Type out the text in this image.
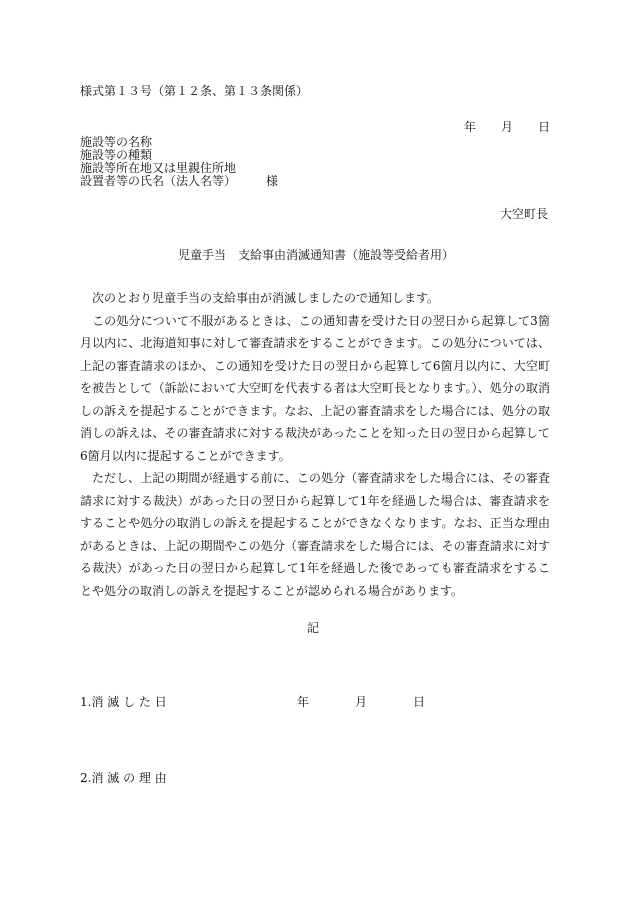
様式第１３号（第１２条、第１３条関係）
年 月 日
施設等の名称
施設等の種類
施設等所在地又は里親住所地
設置者等の氏名（法人名等） 様
大空町長
児童手当　支給事由消滅通知書（施設等受給者用）

次のとおり児童手当の支給事由が消滅しましたので通知します。

この処分について不服があるときは、この通知書を受けた日の翌日から起算して3箇月以内に、北海道知事に対して審査請求をすることができます。この処分については、上記の審査請求のほか、この通知を受けた日の翌日から起算して6箇月以内に、大空町を被告として（訴訟において大空町を代表する者は大空町長となります。）、処分の取消しの訴えを提起することができます。なお、上記の審査請求をした場合には、処分の取消しの訴えは、その審査請求に対する裁決があったことを知った日の翌日から起算して6箇月以内に提起することができます。

ただし、上記の期間が経過する前に、この処分（審査請求をした場合には、その審査請求に対する裁決）があった日の翌日から起算して1年を経過した場合は、審査請求をすることや処分の取消しの訴えを提起することができなくなります。なお、正当な理由があるときは、上記の期間やこの処分（審査請求をした場合には、その審査請求に対する裁決）があった日の翌日から起算して1年を経過した後であっても審査請求をすることや処分の取消しの訴えを提起することが認められる場合があります。

記
1.消 滅 し た 日	年	月	日
2.消 滅 の 理 由
